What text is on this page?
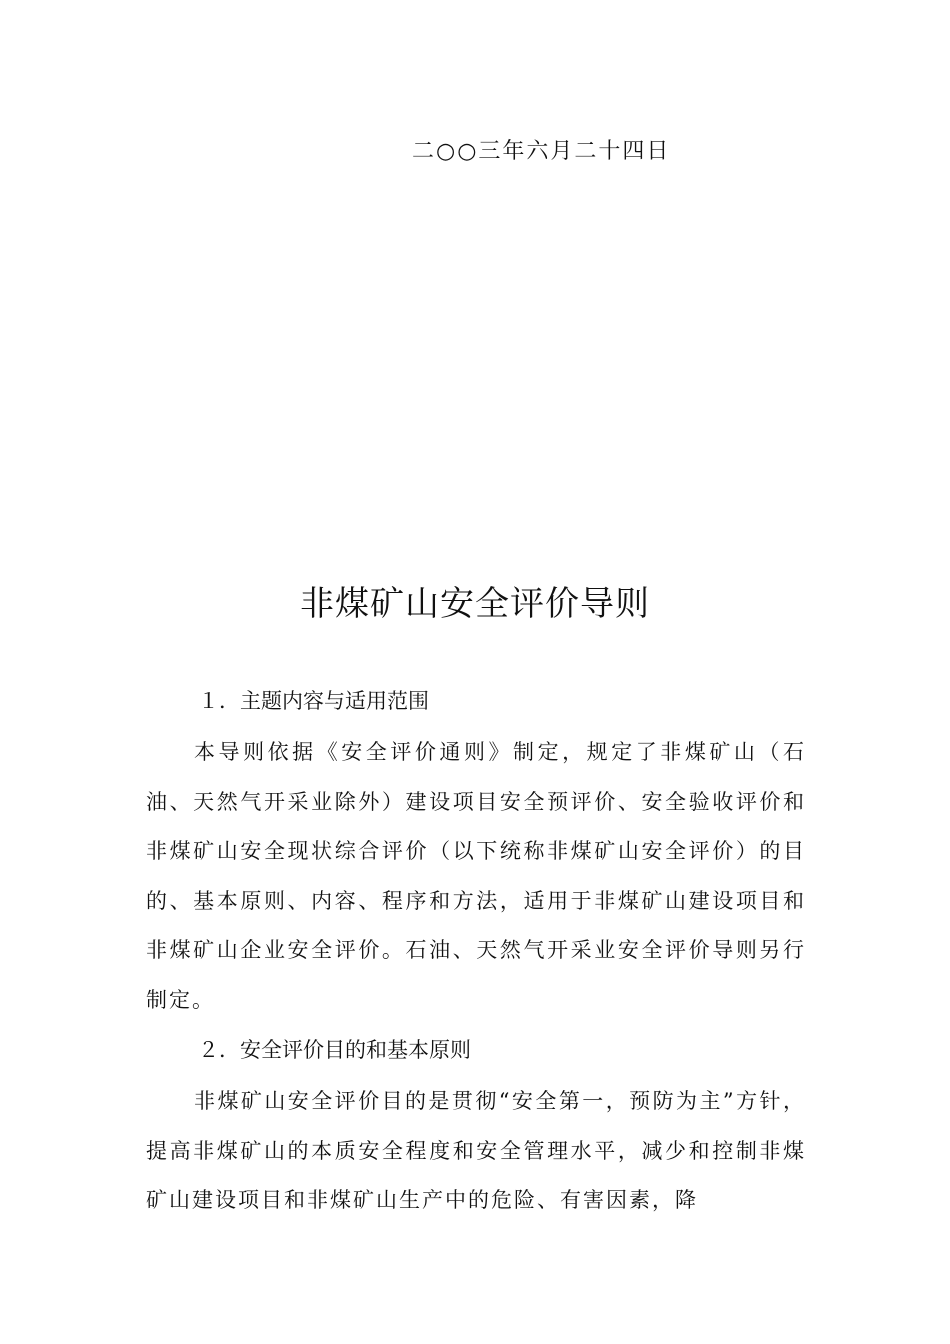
二○○三年六月二十四日
非煤矿山安全评价导则
１．主题内容与适用范围
本导则依据《安全评价通则》制定，规定了非煤矿山（石油、天然气开采业除外）建设项目安全预评价、安全验收评价和非煤矿山安全现状综合评价（以下统称非煤矿山安全评价）的目的、基本原则、内容、程序和方法，适用于非煤矿山建设项目和非煤矿山企业安全评价。石油、天然气开采业安全评价导则另行制定。
２．安全评价目的和基本原则
非煤矿山安全评价目的是贯彻“安全第一，预防为主”方针，提高非煤矿山的本质安全程度和安全管理水平，减少和控制非煤矿山建设项目和非煤矿山生产中的危险、有害因素，降
